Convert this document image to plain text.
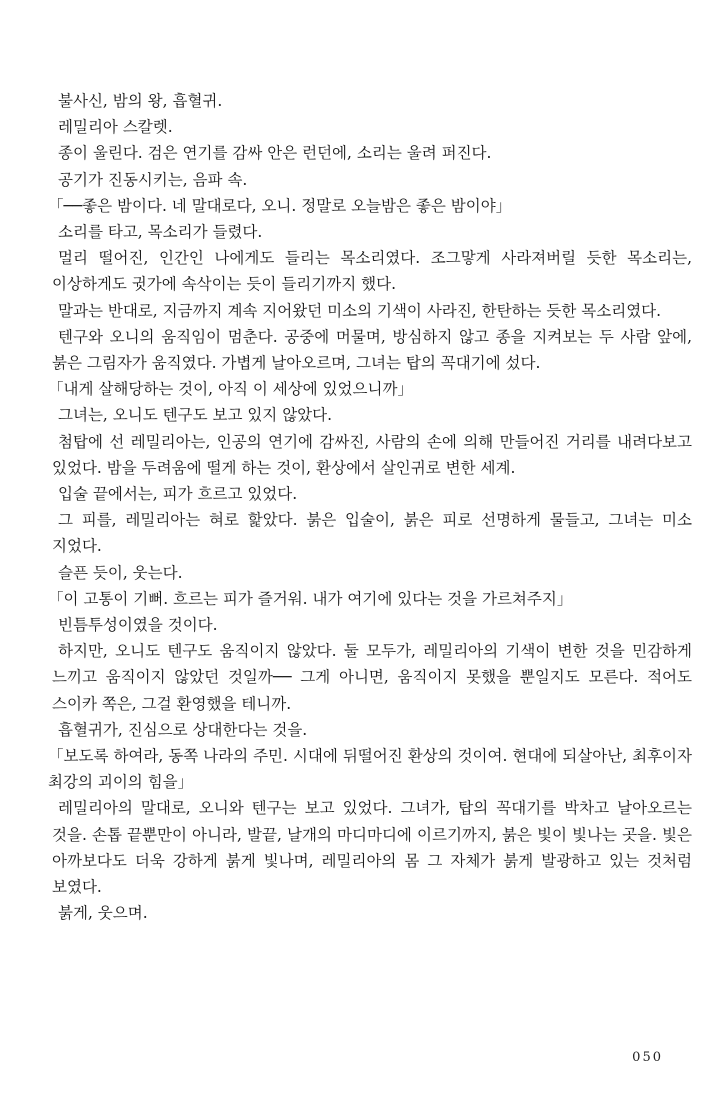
불사신, 밤의 왕, 흡혈귀.

레밀리아 스칼렛.

종이 울린다. 검은 연기를 감싸 안은 런던에, 소리는 울려 퍼진다.

공기가 진동시키는, 음파 속.

「──좋은 밤이다. 네 말대로다, 오니. 정말로 오늘밤은 좋은 밤이야」

소리를 타고, 목소리가 들렸다.

멀리 떨어진, 인간인 나에게도 들리는 목소리였다. 조그맣게 사라져버릴 듯한 목소리는, 이상하게도 귓가에 속삭이는 듯이 들리기까지 했다.

말과는 반대로, 지금까지 계속 지어왔던 미소의 기색이 사라진, 한탄하는 듯한 목소리였다.

텐구와 오니의 움직임이 멈춘다. 공중에 머물며, 방심하지 않고 종을 지켜보는 두 사람 앞에, 붉은 그림자가 움직였다. 가볍게 날아오르며, 그녀는 탑의 꼭대기에 섰다.

「내게 살해당하는 것이, 아직 이 세상에 있었으니까」

그녀는, 오니도 텐구도 보고 있지 않았다.

첨탑에 선 레밀리아는, 인공의 연기에 감싸진, 사람의 손에 의해 만들어진 거리를 내려다보고 있었다. 밤을 두려움에 떨게 하는 것이, 환상에서 살인귀로 변한 세계.

입술 끝에서는, 피가 흐르고 있었다.

그 피를, 레밀리아는 혀로 핥았다. 붉은 입술이, 붉은 피로 선명하게 물들고, 그녀는 미소 지었다.

슬픈 듯이, 웃는다.

「이 고통이 기뻐. 흐르는 피가 즐거워. 내가 여기에 있다는 것을 가르쳐주지」

빈틈투성이였을 것이다.

하지만, 오니도 텐구도 움직이지 않았다. 둘 모두가, 레밀리아의 기색이 변한 것을 민감하게 느끼고 움직이지 않았던 것일까── 그게 아니면, 움직이지 못했을 뿐일지도 모른다. 적어도 스이카 쪽은, 그걸 환영했을 테니까.

흡혈귀가, 진심으로 상대한다는 것을.

「보도록 하여라, 동쪽 나라의 주민. 시대에 뒤떨어진 환상의 것이여. 현대에 되살아난, 최후이자 최강의 괴이의 힘을」

레밀리아의 말대로, 오니와 텐구는 보고 있었다. 그녀가, 탑의 꼭대기를 박차고 날아오르는 것을. 손톱 끝뿐만이 아니라, 발끝, 날개의 마디마디에 이르기까지, 붉은 빛이 빛나는 곳을. 빛은 아까보다도 더욱 강하게 붉게 빛나며, 레밀리아의 몸 그 자체가 붉게 발광하고 있는 것처럼 보였다.

붉게, 웃으며.

050
